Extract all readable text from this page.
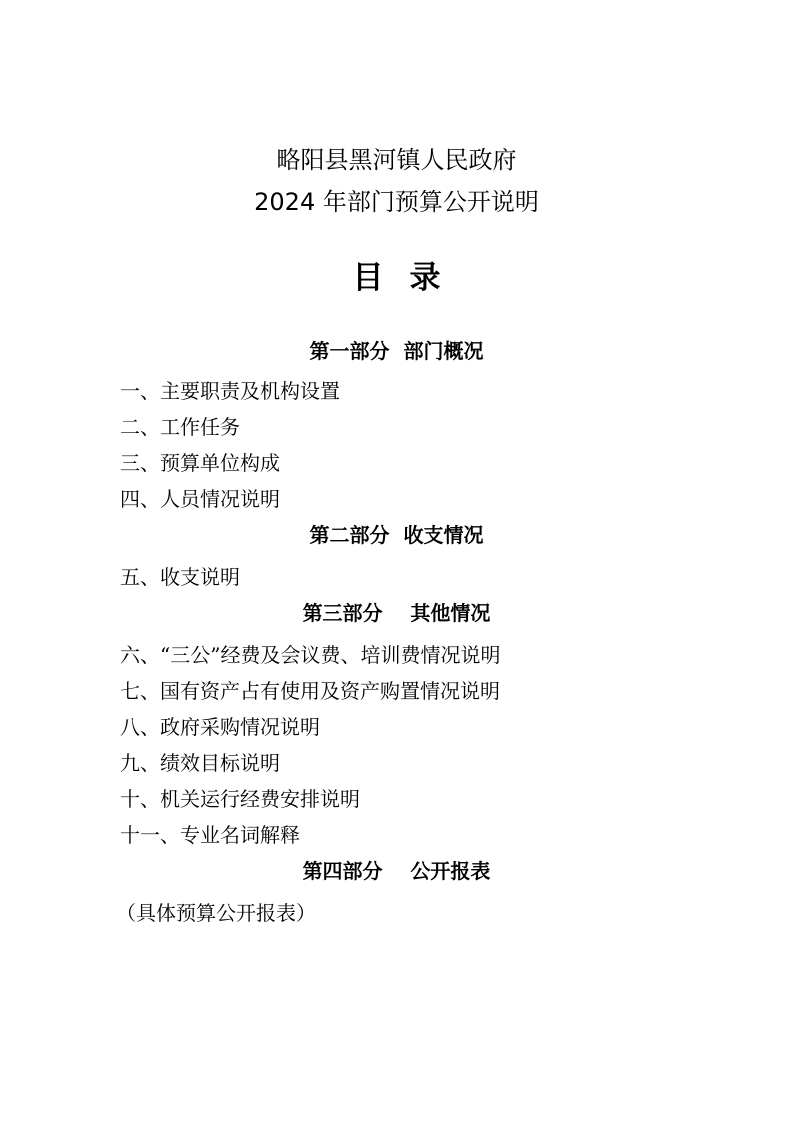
略阳县黑河镇人民政府
2024 年部门预算公开说明
目录
第一部分  部门概况
一、主要职责及机构设置
二、工作任务
三、预算单位构成
四、人员情况说明
第二部分  收支情况
五、收支说明
第三部分    其他情况
六、“三公”经费及会议费、培训费情况说明
七、国有资产占有使用及资产购置情况说明
八、政府采购情况说明
九、绩效目标说明
十、机关运行经费安排说明
十一、专业名词解释
第四部分    公开报表
（具体预算公开报表）
